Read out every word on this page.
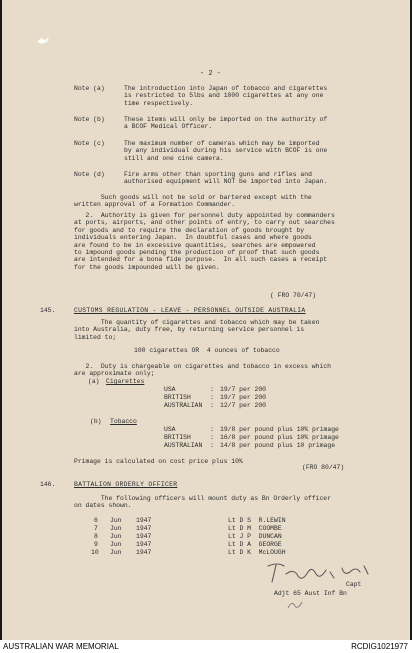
- 2 -
Note (a)	The introduction into Japan of tobacco and cigarettes
is restricted to 5lbs and 1000 cigarettes at any one
time respectively.
Note (b)	These items will only be imported on the authority of
a BCOF Medical Officer.
Note (c)	The maximum number of cameras which may be imported
by any individual during his service with BCOF is one
still and one cine camera.
Note (d)	Fire arms other than sporting guns and rifles and
authorised equipment will NOT be imported into Japan.
Such goods will not be sold or bartered except with the
written approval of a Formation Commander.
2.  Authority is given for personnel duty appointed by commanders
at ports, airports, and other points of entry, to carry out searches
for goods and to require the declaration of goods brought by
individuals entering Japan.  In doubtful cases and where goods
are found to be in excessive quantities, searches are empowered
to impound goods pending the production of proof that such goods
are intended for a bona fide purpose.  In all such cases a receipt
for the goods impounded will be given.
( FRO 70/47)
145.	CUSTOMS REGULATION - LEAVE - PERSONNEL OUTSIDE AUSTRALIA
The quantity of cigarettes and tobacco which may be taken
into Australia, duty free, by returning service personnel is
limited to;
100 cigarettes OR  4 ounces of tobacco
2.  Duty is chargeable on cigarettes and tobacco in excess which
are approximate only;
(a) Cigarettes
USA	: 19/7 per 200
BRITISH	: 19/7 per 200
AUSTRALIAN : 12/7 per 200
(b) Tobacco
USA	: 19/8 per pound plus 10% primage
BRITISH	: 16/8 per pound plus 10% primage
AUSTRALIAN : 14/8 per pound plus 10 primage
Primage is calculated on cost price plus 10%
(FRO 80/47)
146.	BATTALION ORDERLY OFFICER
The following officers will mount duty as Bn Orderly officer
on dates shown.
6 Jun 1947	Lt D S  R.LEWIN
7 Jun 1947	Lt D M  COOMBE
8 Jun 1947	Lt J P  DUNCAN
9 Jun 1947	Lt D A  GEORGE
10 Jun 1947	Lt D K  McLOUGH
Capt
Adjt 65 Aust Inf Bn
AUSTRALIAN WAR MEMORIAL	RCDIG1021977
